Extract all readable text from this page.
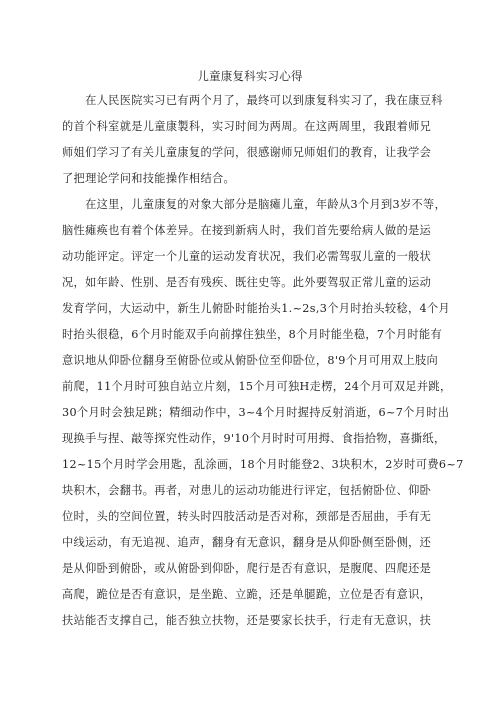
儿童康复科实习心得
　　在人民医院实习已有两个月了，最终可以到康复科实习了，我在康豆科
的首个科室就是儿童康製科，实习时间为两周。在这两周里，我跟着师兄
师姐们学习了有关儿童康复的学问，很感谢师兄师姐们的教育，让我学会
了把理论学问和技能操作相结合。
　　在这里，儿童康复的对象大部分是脑瘫儿童，年龄从3个月到3岁不等，
脑性瘫痪也有着个体差异。在接到新病人时，我们首先要给病人做的是运
动功能评定。评定一个儿童的运动发育状况，我们必需驾驭儿童的一般状
况，如年龄、性别、是否有残疾、既往史等。此外要驾驭正常儿童的运动
发育学问，大运动中，新生儿俯卧时能抬头1.~2s,3个月时抬头较稔，4个月
时抬头很稳，6个月时能双手向前撑住独坐，8个月时能坐稳，7个月时能有
意识地从仰卧位翻身至俯卧位或从俯卧位至仰卧位，8'9个月可用双上肢向
前爬，11个月时可独自站立片刻，15个月可独H走楞，24个月可双足并跳，
30个月时会独足跳；精细动作中，3~4个月时握持反射消逝，6~7个月时出
现换手与捏、敲等探究性动作，9'10个月时时可用拇、食指拾物，喜撕纸，
12~15个月时学会用匙，乱涂画，18个月时能登2、3块积木，2岁时可费6~7
块积木，会翻书。再者，对患儿的运动功能进行评定，包括俯卧位、仰卧
位时，头的空间位置，转头时四肢活动是否对称，颈部是否屈曲，手有无
中线运动，有无追视、追声，翻身有无意识，翻身是从仰卧侧至卧侧，还
是从仰卧到俯卧，或从俯卧到仰卧，爬行是否有意识，是腹爬、四爬还是
高爬，跪位是否有意识，是坐跪、立跪，还是单腿跪，立位是否有意识，
扶站能否支撑自己，能否独立扶物，还是要家长扶手，行走有无意识，扶
